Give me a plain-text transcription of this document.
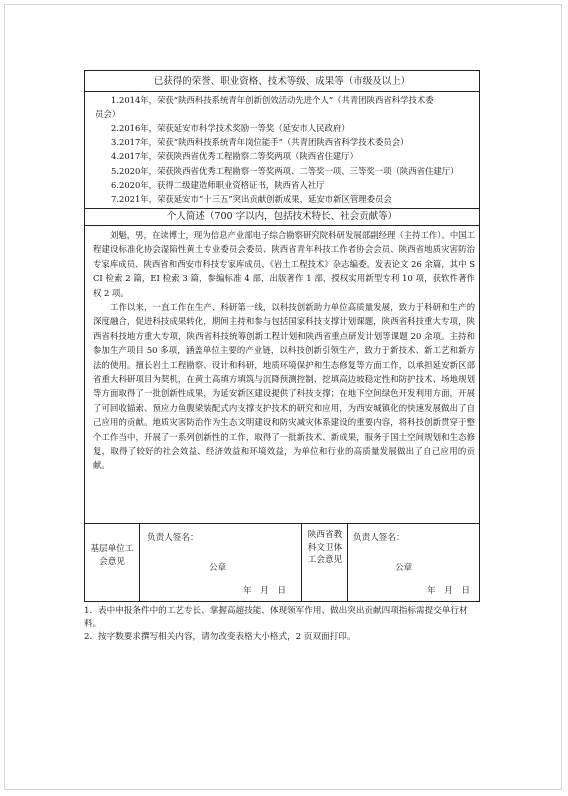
已获得的荣誉、职业资格、技术等级、成果等（市级及以上）
1.2014年，荣获“陕西科技系统青年创新创效活动先进个人”（共青团陕西省科学技术委
员会）
2.2016年，荣获延安市科学技术奖励一等奖（延安市人民政府）
3.2017年，荣获“陕西科技系统青年岗位能手”（共青团陕西省科学技术委员会）
4.2017年，荣获陕西省优秀工程勘察二等奖两项（陕西省住建厅）
5.2020年，荣获陕西省优秀工程勘察一等奖两项、二等奖一项、三等奖一项（陕西省住建厅）
6.2020年，获得二级建造师职业资格证书，陕西省人社厅
7.2021年，荣获延安市“十三五”突出贡献创新成果，延安市新区管理委员会
个人简述（700 字以内，包括技术特长、社会贡献等）
刘魁，男，在读博士，现为信息产业部电子综合勘察研究院科研发展部副经理（主持工作）。中国工程建设标准化协会湿陷性黄土专业委员会委员、陕西省青年科技工作者协会会员、陕西省地质灾害防治专家库成员、陕西省和西安市科技专家库成员、《岩土工程技术》杂志编委。发表论文 26 余篇，其中 SCI 检索 2 篇，EI 检索 3 篇，参编标准 4 部，出版著作 1 部，授权实用新型专利 10 项，获软件著作权 2 项。
工作以来，一直工作在生产、科研第一线，以科技创新助力单位高质量发展，致力于科研和生产的深度融合，促进科技成果转化，期间主持和参与包括国家科技支撑计划课题，陕西省科技重大专项，陕西省科技地方重大专项，陕西省科技统筹创新工程计划和陕西省重点研发计划等课题 20 余项。主持和参加生产项目 50 多项，涵盖单位主要的产业链，以科技创新引领生产，致力于新技术、新工艺和新方法的使用。擅长岩土工程勘察、设计和科研，地质环境保护和生态修复等方面工作，以承担延安新区部省重大科研项目为契机，在黄土高填方填筑与沉降预测控制、挖填高边坡稳定性和防护技术、场地规划等方面取得了一批创新性成果，为延安新区建设提供了科技支撑；在地下空间绿色开发利用方面，开展了可回收锚索、预应力鱼腹梁装配式内支撑支护技术的研究和应用，为西安城镇化的快速发展做出了自己应用的贡献。地质灾害防治作为生态文明建设和防灾减灾体系建设的重要内容，将科技创新贯穿于整个工作当中，开展了一系列创新性的工作，取得了一批新技术、新成果，服务于国土空间规划和生态修复，取得了较好的社会效益、经济效益和环境效益，为单位和行业的高质量发展做出了自己应用的贡献。
基层单位工会意见
负责人签名：
公章
年　月　日
陕西省教科文卫体工会意见
负责人签名：
公章
年　月　日
1. 表中申报条件中的工艺专长、掌握高超技能、体现领军作用、做出突出贡献四项指标需提交单行材料。
2. 按字数要求撰写相关内容，请勿改变表格大小格式，2 页双面打印。
